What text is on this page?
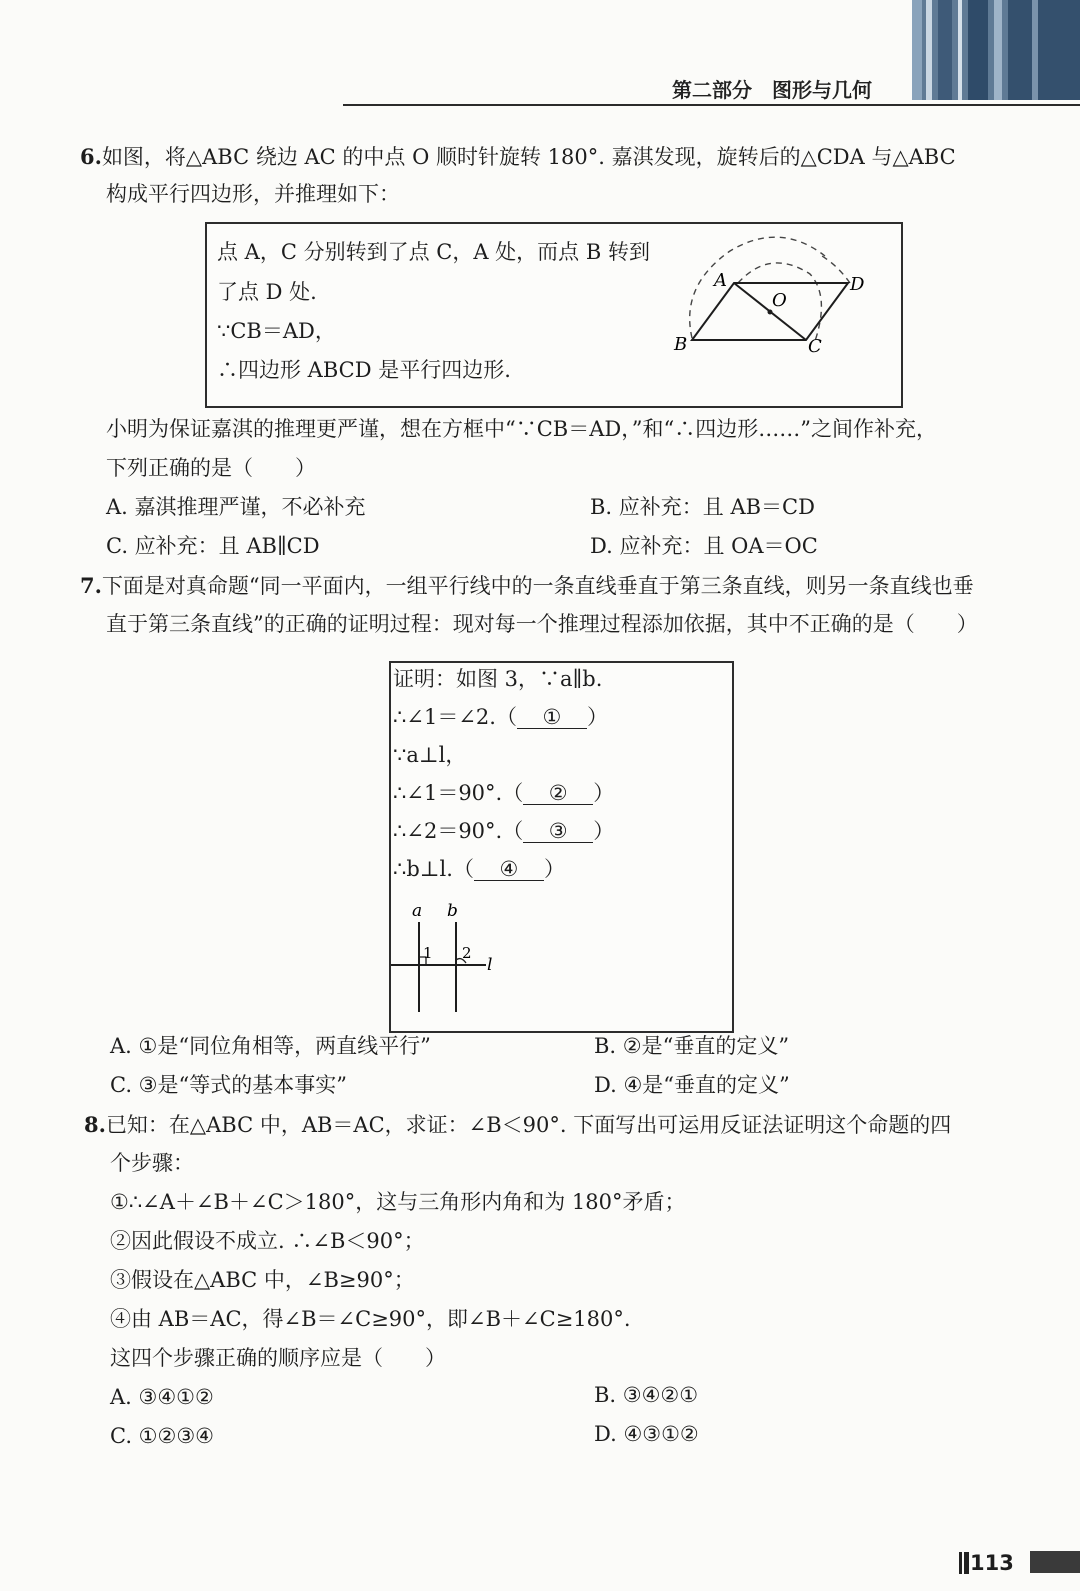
第二部分　图形与几何
6.如图，将△ABC 绕边 AC 的中点 O 顺时针旋转 180°. 嘉淇发现，旋转后的△CDA 与△ABC
构成平行四边形，并推理如下：
点 A，C 分别转到了点 C，A 处，而点 B 转到
了点 D 处.
∵CB＝AD，
∴四边形 ABCD 是平行四边形.
A
B	C
D
O
小明为保证嘉淇的推理更严谨，想在方框中“∵CB＝AD，”和“∴四边形……”之间作补充，
下列正确的是（　　）
A. 嘉淇推理严谨，不必补充	B. 应补充：且 AB＝CD
C. 应补充：且 AB∥CD	D. 应补充：且 OA＝OC
7.下面是对真命题“同一平面内，一组平行线中的一条直线垂直于第三条直线，则另一条直线也垂
直于第三条直线”的正确的证明过程：现对每一个推理过程添加依据，其中不正确的是（　　）
证明：如图 3，∵a∥b.
∴∠1＝∠2.（ ① ）
∵a⊥l，
∴∠1＝90°.（ ② ）
∴∠2＝90°.（ ③ ）
∴b⊥l.（ ④ ）
a b
l
1 2
A. ①是“同位角相等，两直线平行”	B. ②是“垂直的定义”
C. ③是“等式的基本事实”	D. ④是“垂直的定义”
8.已知：在△ABC 中，AB＝AC，求证：∠B＜90°. 下面写出可运用反证法证明这个命题的四
个步骤：
①∴∠A＋∠B＋∠C＞180°，这与三角形内角和为 180°矛盾；
②因此假设不成立. ∴∠B＜90°；
③假设在△ABC 中，∠B≥90°；
④由 AB＝AC，得∠B＝∠C≥90°，即∠B＋∠C≥180°.
这四个步骤正确的顺序应是（　　）
A. ③④①②	B. ③④②①
C. ①②③④	D. ④③①②
113
